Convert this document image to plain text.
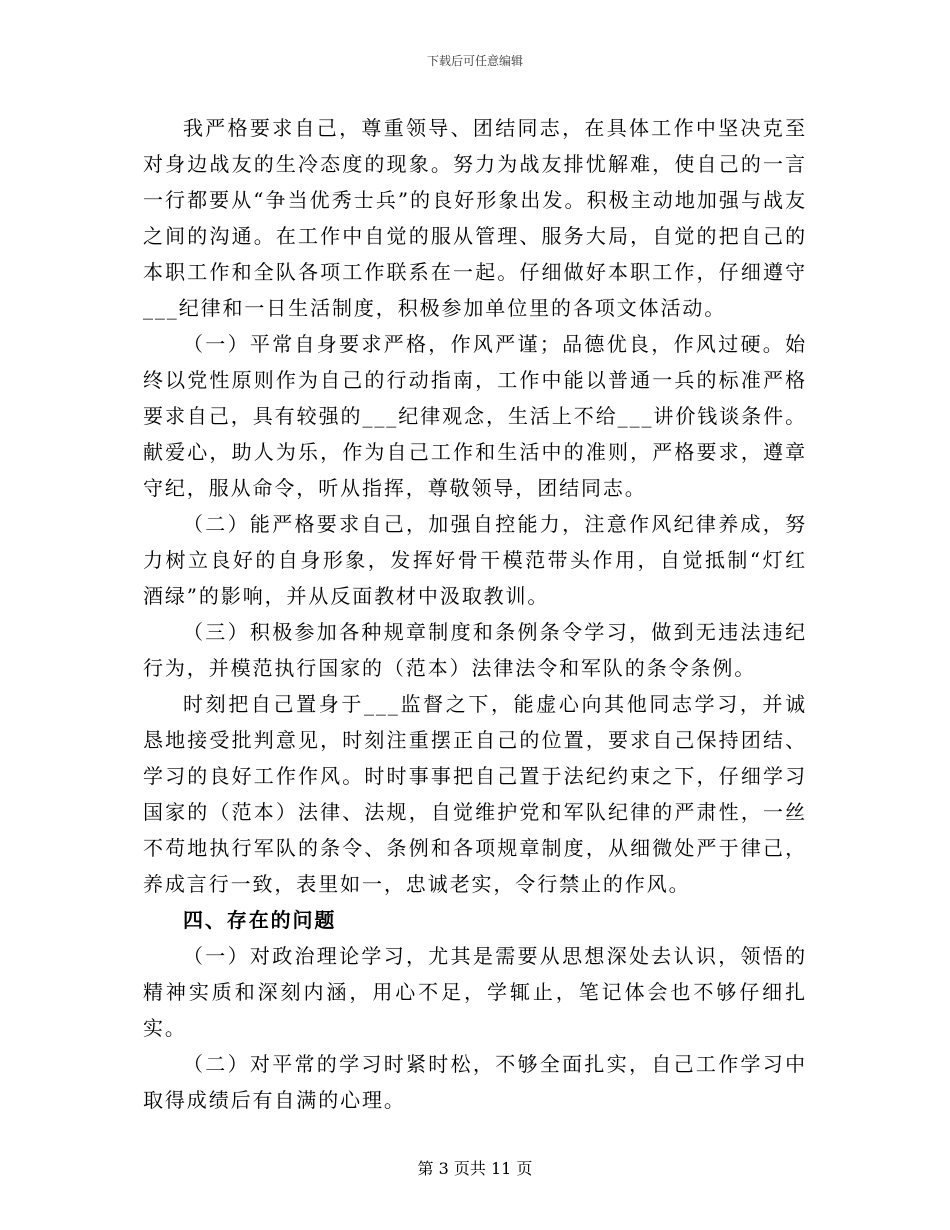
下载后可任意编辑

我严格要求自己，尊重领导、团结同志，在具体工作中坚决克至对身边战友的生冷态度的现象。努力为战友排忧解难，使自己的一言一行都要从“争当优秀士兵”的良好形象出发。积极主动地加强与战友之间的沟通。在工作中自觉的服从管理、服务大局，自觉的把自己的本职工作和全队各项工作联系在一起。仔细做好本职工作，仔细遵守___纪律和一日生活制度，积极参加单位里的各项文体活动。

（一）平常自身要求严格，作风严谨；品德优良，作风过硬。始终以党性原则作为自己的行动指南，工作中能以普通一兵的标准严格要求自己，具有较强的___纪律观念，生活上不给___讲价钱谈条件。献爱心，助人为乐，作为自己工作和生活中的准则，严格要求，遵章守纪，服从命令，听从指挥，尊敬领导，团结同志。

（二）能严格要求自己，加强自控能力，注意作风纪律养成，努力树立良好的自身形象，发挥好骨干模范带头作用，自觉抵制“灯红酒绿”的影响，并从反面教材中汲取教训。

（三）积极参加各种规章制度和条例条令学习，做到无违法违纪行为，并模范执行国家的（范本）法律法令和军队的条令条例。

时刻把自己置身于___监督之下，能虚心向其他同志学习，并诚恳地接受批判意见，时刻注重摆正自己的位置，要求自己保持团结、学习的良好工作作风。时时事事把自己置于法纪约束之下，仔细学习国家的（范本）法律、法规，自觉维护党和军队纪律的严肃性，一丝不苟地执行军队的条令、条例和各项规章制度，从细微处严于律己，养成言行一致，表里如一，忠诚老实，令行禁止的作风。

四、存在的问题

（一）对政治理论学习，尤其是需要从思想深处去认识，领悟的精神实质和深刻内涵，用心不足，学辄止，笔记体会也不够仔细扎实。

（二）对平常的学习时紧时松，不够全面扎实，自己工作学习中取得成绩后有自满的心理。

第 3 页共 11 页
